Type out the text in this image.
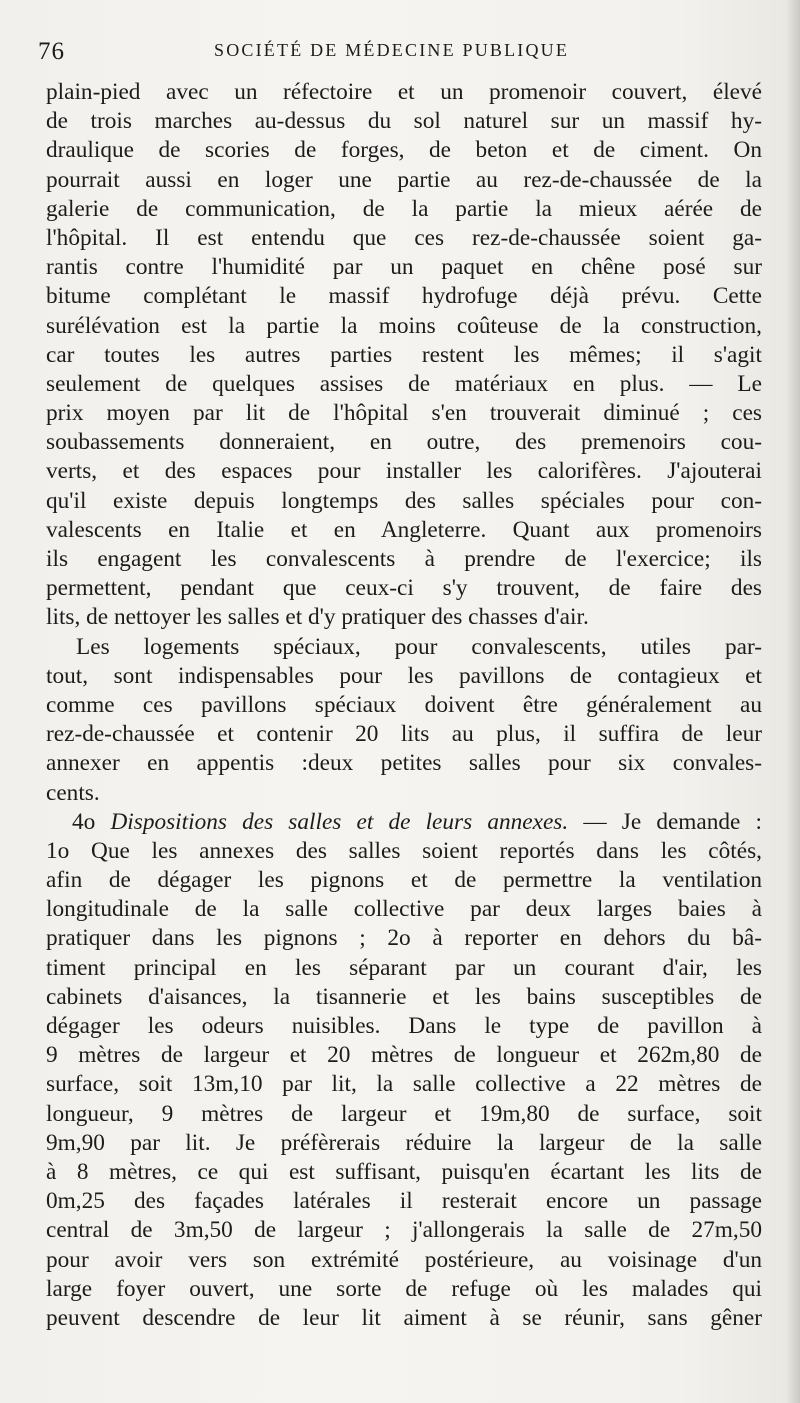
76	SOCIÉTÉ DE MÉDECINE PUBLIQUE
plain-pied avec un réfectoire et un promenoir couvert, élevé
de trois marches au-dessus du sol naturel sur un massif hy-
draulique de scories de forges, de beton et de ciment. On
pourrait aussi en loger une partie au rez-de-chaussée de la
galerie de communication, de la partie la mieux aérée de
l'hôpital. Il est entendu que ces rez-de-chaussée soient ga-
rantis contre l'humidité par un paquet en chêne posé sur
bitume complétant le massif hydrofuge déjà prévu. Cette
surélévation est la partie la moins coûteuse de la construction,
car toutes les autres parties restent les mêmes; il s'agit
seulement de quelques assises de matériaux en plus. — Le
prix moyen par lit de l'hôpital s'en trouverait diminué ; ces
soubassements donneraient, en outre, des premenoirs cou-
verts, et des espaces pour installer les calorifères. J'ajouterai
qu'il existe depuis longtemps des salles spéciales pour con-
valescents en Italie et en Angleterre. Quant aux promenoirs
ils engagent les convalescents à prendre de l'exercice; ils
permettent, pendant que ceux-ci s'y trouvent, de faire des
lits, de nettoyer les salles et d'y pratiquer des chasses d'air.
Les logements spéciaux, pour convalescents, utiles par-
tout, sont indispensables pour les pavillons de contagieux et
comme ces pavillons spéciaux doivent être généralement au
rez-de-chaussée et contenir 20 lits au plus, il suffira de leur
annexer en appentis :deux petites salles pour six convales-
cents.
4o Dispositions des salles et de leurs annexes. — Je demande :
1o Que les annexes des salles soient reportés dans les côtés,
afin de dégager les pignons et de permettre la ventilation
longitudinale de la salle collective par deux larges baies à
pratiquer dans les pignons ; 2o à reporter en dehors du bâ-
timent principal en les séparant par un courant d'air, les
cabinets d'aisances, la tisannerie et les bains susceptibles de
dégager les odeurs nuisibles. Dans le type de pavillon à
9 mètres de largeur et 20 mètres de longueur et 262m,80 de
surface, soit 13m,10 par lit, la salle collective a 22 mètres de
longueur, 9 mètres de largeur et 19m,80 de surface, soit
9m,90 par lit. Je préfèrerais réduire la largeur de la salle
à 8 mètres, ce qui est suffisant, puisqu'en écartant les lits de
0m,25 des façades latérales il resterait encore un passage
central de 3m,50 de largeur ; j'allongerais la salle de 27m,50
pour avoir vers son extrémité postérieure, au voisinage d'un
large foyer ouvert, une sorte de refuge où les malades qui
peuvent descendre de leur lit aiment à se réunir, sans gêner
